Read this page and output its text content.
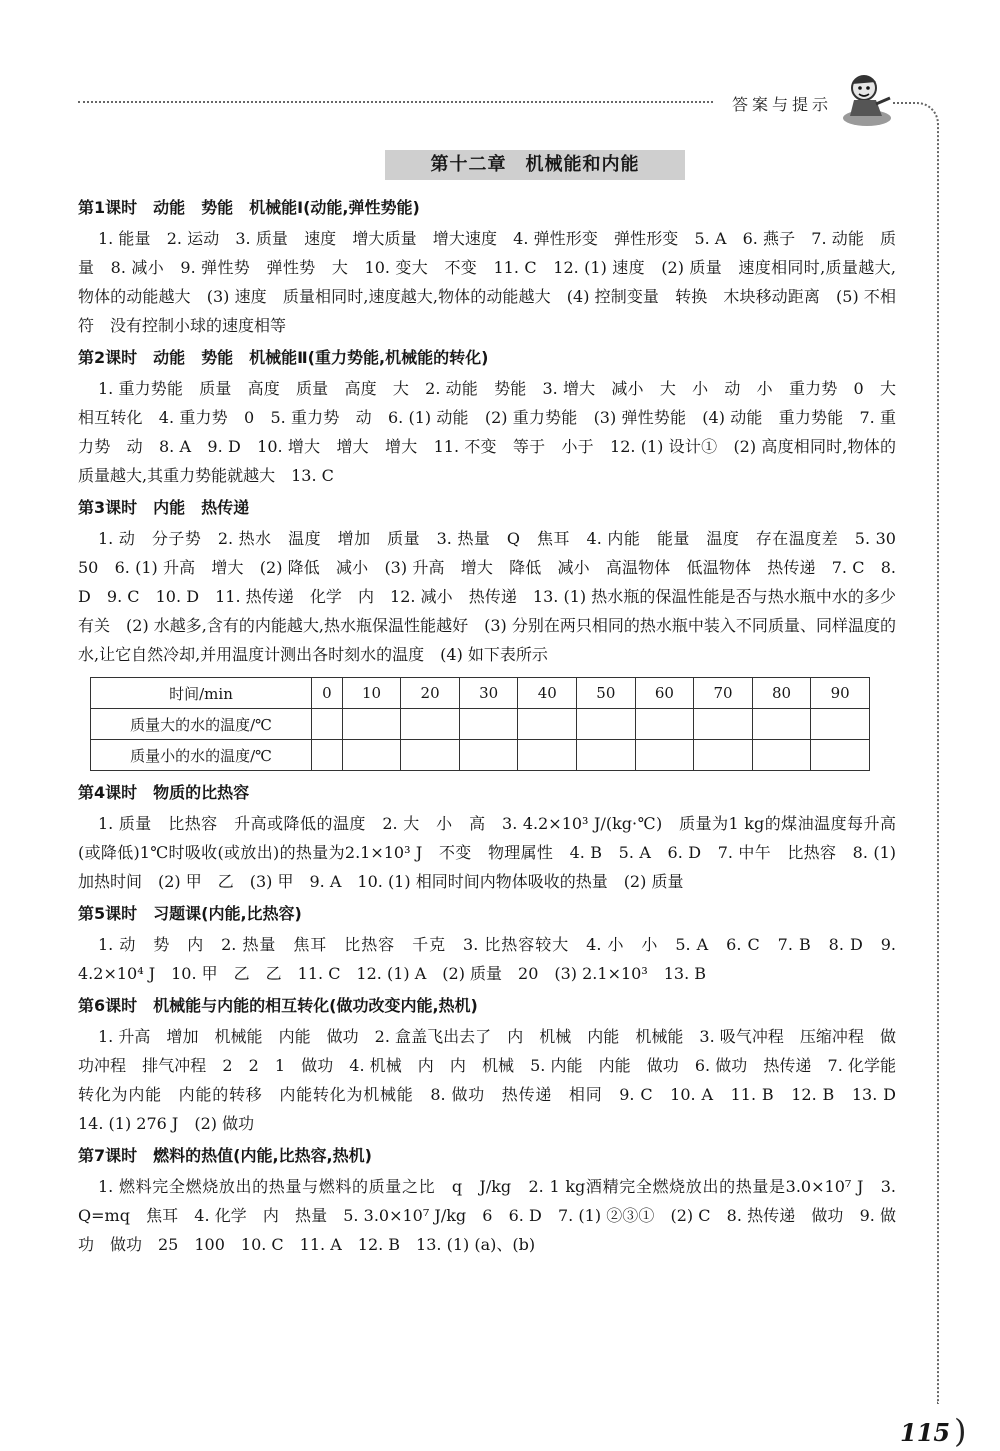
答案与提示
第十二章　机械能和内能
第1课时　动能　势能　机械能Ⅰ(动能,弹性势能)

1. 能量　2. 运动　3. 质量　速度　增大质量　增大速度　4. 弹性形变　弹性形变　5. A　6. 燕子　7. 动能　质量　8. 减小　9. 弹性势　弹性势　大　10. 变大　不变　11. C　12. (1) 速度　(2) 质量　速度相同时,质量越大,物体的动能越大　(3) 速度　质量相同时,速度越大,物体的动能越大　(4) 控制变量　转换　木块移动距离　(5) 不相符　没有控制小球的速度相等

第2课时　动能　势能　机械能Ⅱ(重力势能,机械能的转化)

1. 重力势能　质量　高度　质量　高度　大　2. 动能　势能　3. 增大　减小　大　小　动　小　重力势　0　大　相互转化　4. 重力势　0　5. 重力势　动　6. (1) 动能　(2) 重力势能　(3) 弹性势能　(4) 动能　重力势能　7. 重力势　动　8. A　9. D　10. 增大　增大　增大　11. 不变　等于　小于　12. (1) 设计①　(2) 高度相同时,物体的质量越大,其重力势能就越大　13. C

第3课时　内能　热传递

1. 动　分子势　2. 热水　温度　增加　质量　3. 热量　Q　焦耳　4. 内能　能量　温度　存在温度差　5. 30　50　6. (1) 升高　增大　(2) 降低　减小　(3) 升高　增大　降低　减小　高温物体　低温物体　热传递　7. C　8. D　9. C　10. D　11. 热传递　化学　内　12. 减小　热传递　13. (1) 热水瓶的保温性能是否与热水瓶中水的多少有关　(2) 水越多,含有的内能越大,热水瓶保温性能越好　(3) 分别在两只相同的热水瓶中装入不同质量、同样温度的水,让它自然冷却,并用温度计测出各时刻水的温度　(4) 如下表所示

时间/min	0	10	20	30	40	50	60	70	80	90
质量大的水的温度/℃										
质量小的水的温度/℃										
第4课时　物质的比热容

1. 质量　比热容　升高或降低的温度　2. 大　小　高　3. 4.2×10³ J/(kg·℃)　质量为1 kg的煤油温度每升高(或降低)1℃时吸收(或放出)的热量为2.1×10³ J　不变　物理属性　4. B　5. A　6. D　7. 中午　比热容　8. (1) 加热时间　(2) 甲　乙　(3) 甲　9. A　10. (1) 相同时间内物体吸收的热量　(2) 质量

第5课时　习题课(内能,比热容)

1. 动　势　内　2. 热量　焦耳　比热容　千克　3. 比热容较大　4. 小　小　5. A　6. C　7. B　8. D　9. 4.2×10⁴ J　10. 甲　乙　乙　11. C　12. (1) A　(2) 质量　20　(3) 2.1×10³　13. B

第6课时　机械能与内能的相互转化(做功改变内能,热机)

1. 升高　增加　机械能　内能　做功　2. 盒盖飞出去了　内　机械　内能　机械能　3. 吸气冲程　压缩冲程　做功冲程　排气冲程　2　2　1　做功　4. 机械　内　内　机械　5. 内能　内能　做功　6. 做功　热传递　7. 化学能转化为内能　内能的转移　内能转化为机械能　8. 做功　热传递　相同　9. C　10. A　11. B　12. B　13. D　14. (1) 276 J　(2) 做功

第7课时　燃料的热值(内能,比热容,热机)

1. 燃料完全燃烧放出的热量与燃料的质量之比　q　J/kg　2. 1 kg酒精完全燃烧放出的热量是3.0×10⁷ J　3. Q=mq　焦耳　4. 化学　内　热量　5. 3.0×10⁷ J/kg　6　6. D　7. (1) ②③①　(2) C　8. 热传递　做功　9. 做功　做功　25　100　10. C　11. A　12. B　13. (1) (a)、(b)

115 )
